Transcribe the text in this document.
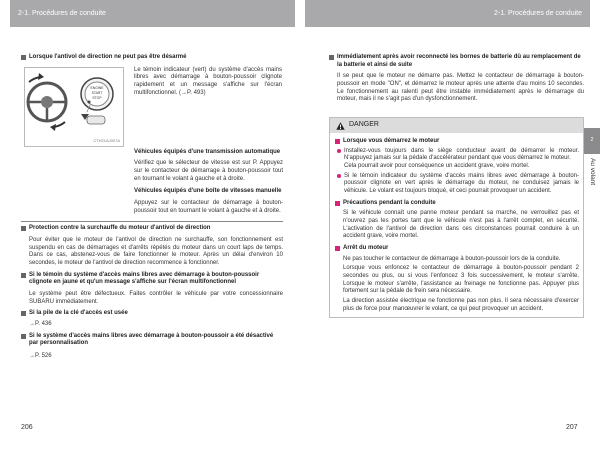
2-1. Procédures de conduite	2-1. Procédures de conduite
2
Au volant
Lorsque l'antivol de direction ne peut pas être désarmé
ENGINE
START
STOP
CTH21AJ007A
Le témoin indicateur (vert) du système d'accès mains libres avec démarrage à bouton-poussoir clignote rapidement et un message s'affiche sur l'écran multifonctionnel. (→P. 493)
Véhicules équipés d'une transmission automatique
Vérifiez que le sélecteur de vitesse est sur P. Appuyez sur le contacteur de démarrage à bouton-poussoir tout en tournant le volant à gauche et à droite.
Véhicules équipés d'une boîte de vitesses manuelle
Appuyez sur le contacteur de démarrage à bouton-poussoir tout en tournant le volant à gauche et à droite.
Protection contre la surchauffe du moteur d'antivol de direction
Pour éviter que le moteur de l'antivol de direction ne surchauffe, son fonctionnement est suspendu en cas de démarrages et d'arrêts répétés du moteur dans un court laps de temps. Dans ce cas, abstenez-vous de faire fonctionner le moteur. Après un délai d'environ 10 secondes, le moteur de l'antivol de direction recommence à fonctionner.
Si le témoin du système d'accès mains libres avec démarrage à bouton-poussoir clignote en jaune et qu'un message s'affiche sur l'écran multifonctionnel
Le système peut être défectueux. Faites contrôler le véhicule par votre concessionnaire SUBARU immédiatement.
Si la pile de la clé d'accès est usée
→P. 436
Si le système d'accès mains libres avec démarrage à bouton-poussoir a été désactivé par personnalisation
→P. 526
Immédiatement après avoir reconnecté les bornes de batterie dû au remplacement de la batterie et ainsi de suite
Il se peut que le moteur ne démarre pas. Mettez le contacteur de démarrage à bouton-poussoir en mode "ON", et démarrez le moteur après une attente d'au moins 10 secondes. Le fonctionnement au ralenti peut être instable immédiatement après le démarrage du moteur, mais il ne s'agit pas d'un dysfonctionnement.
DANGER
Lorsque vous démarrez le moteur
Installez-vous toujours dans le siège conducteur avant de démarrer le moteur. N'appuyez jamais sur la pédale d'accélérateur pendant que vous démarrez le moteur.
Cela pourrait avoir pour conséquence un accident grave, voire mortel.
Si le témoin indicateur du système d'accès mains libres avec démarrage à bouton-poussoir clignote en vert après le démarrage du moteur, ne conduisez jamais le véhicule. Le volant est toujours bloqué, et ceci pourrait provoquer un accident.
Précautions pendant la conduite
Si le véhicule connaît une panne moteur pendant sa marche, ne verrouillez pas et n'ouvrez pas les portes tant que le véhicule n'est pas à l'arrêt complet, en sécurité. L'activation de l'antivol de direction dans ces circonstances pourrait conduire à un accident grave, voire mortel.
Arrêt du moteur
Ne pas toucher le contacteur de démarrage à bouton-poussoir lors de la conduite.
Lorsque vous enfoncez le contacteur de démarrage à bouton-poussoir pendant 2 secondes ou plus, ou si vous l'enfoncez 3 fois successivement, le moteur s'arrête. Lorsque le moteur s'arrête, l'assistance au freinage ne fonctionne pas. Appuyer plus fortement sur la pédale de frein sera nécessaire.
La direction assistée électrique ne fonctionne pas non plus. Il sera nécessaire d'exercer plus de force pour manœuvrer le volant, ce qui peut provoquer un accident.
206	207
